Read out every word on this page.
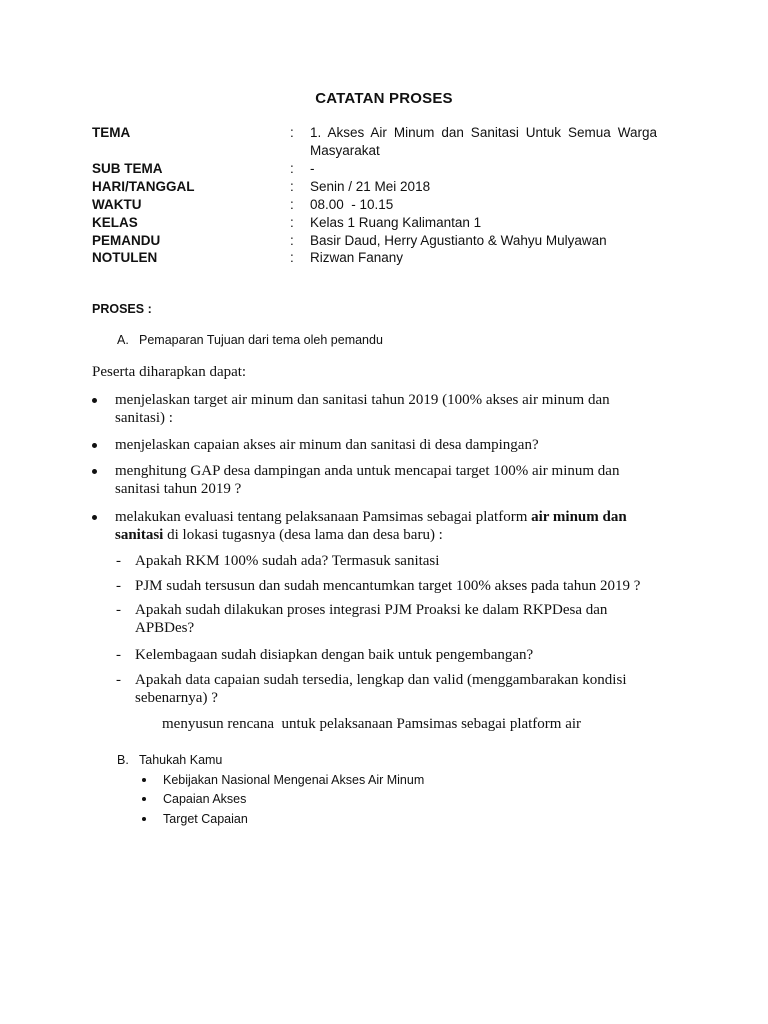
CATATAN PROSES
TEMA	: 1. Akses Air Minum dan Sanitasi Untuk Semua Warga Masyarakat
SUB TEMA	: -
HARI/TANGGAL	: Senin / 21 Mei 2018
WAKTU	: 08.00  - 10.15
KELAS	: Kelas 1 Ruang Kalimantan 1
PEMANDU	: Basir Daud, Herry Agustianto & Wahyu Mulyawan
NOTULEN	: Rizwan Fanany
PROSES :
A. Pemaparan Tujuan dari tema oleh pemandu
Peserta diharapkan dapat:
menjelaskan target air minum dan sanitasi tahun 2019 (100% akses air minum dan sanitasi) :
menjelaskan capaian akses air minum dan sanitasi di desa dampingan?
menghitung GAP desa dampingan anda untuk mencapai target 100% air minum dan sanitasi tahun 2019 ?
melakukan evaluasi tentang pelaksanaan Pamsimas sebagai platform air minum dan sanitasi di lokasi tugasnya (desa lama dan desa baru) :
- Apakah RKM 100% sudah ada? Termasuk sanitasi
- PJM sudah tersusun dan sudah mencantumkan target 100% akses pada tahun 2019 ?
- Apakah sudah dilakukan proses integrasi PJM Proaksi ke dalam RKPDesa dan APBDes?
- Kelembagaan sudah disiapkan dengan baik untuk pengembangan?
- Apakah data capaian sudah tersedia, lengkap dan valid (menggambarakan kondisi sebenarnya) ?
menyusun rencana  untuk pelaksanaan Pamsimas sebagai platform air
B. Tahukah Kamu
Kebijakan Nasional Mengenai Akses Air Minum
Capaian Akses
Target Capaian
